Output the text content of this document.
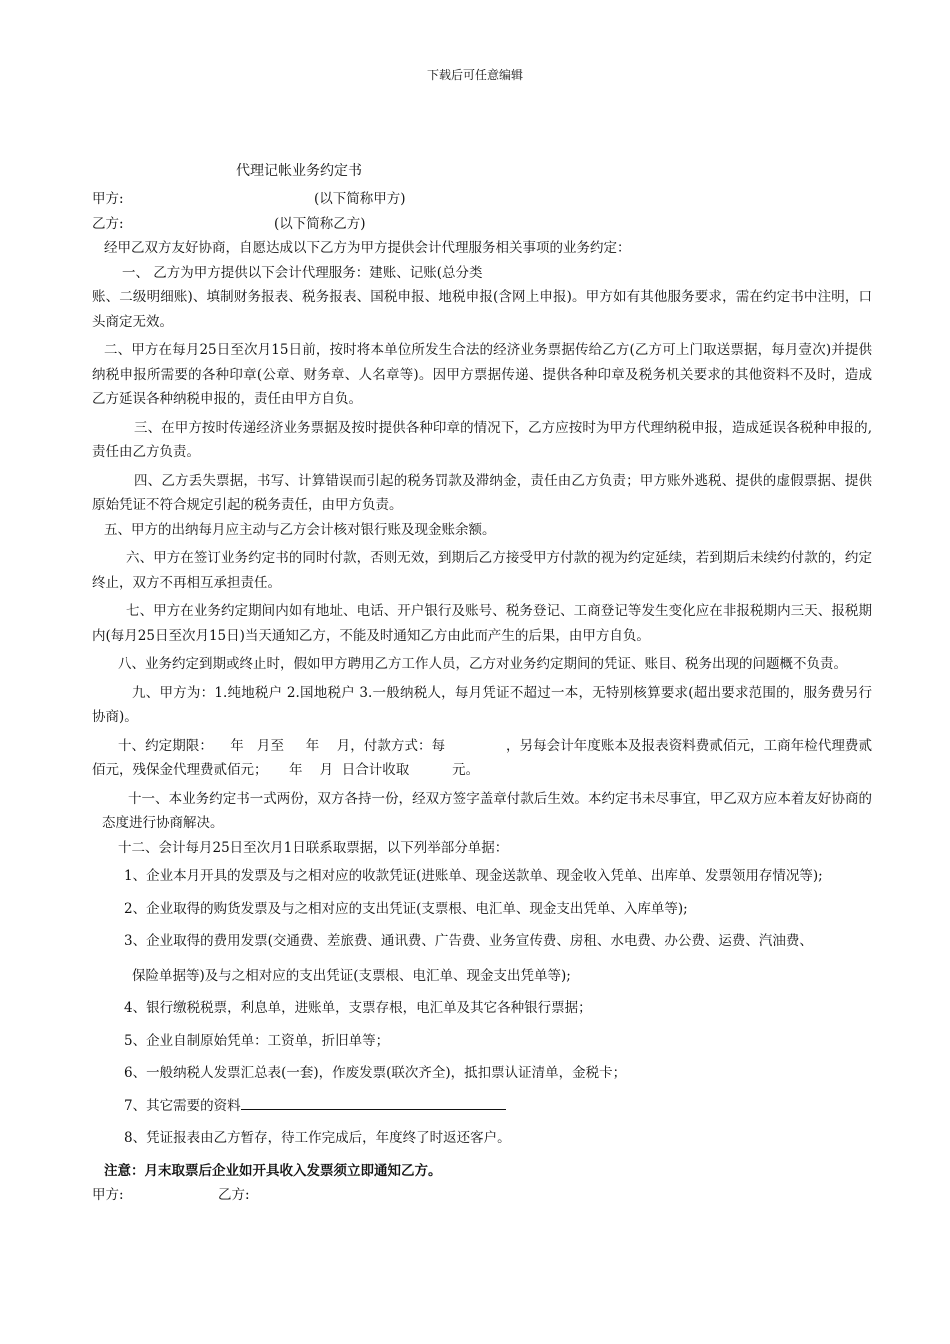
下载后可任意编辑
代理记帐业务约定书
甲方:	(以下简称甲方)
乙方:	(以下简称乙方)
经甲乙双方友好协商，自愿达成以下乙方为甲方提供会计代理服务相关事项的业务约定：
一、 乙方为甲方提供以下会计代理服务：建账、记账(总分类
账、二级明细账)、填制财务报表、税务报表、国税申报、地税申报(含网上申报)。甲方如有其他服务要求，需在约定书中注明，口头商定无效。
二、甲方在每月25日至次月15日前，按时将本单位所发生合法的经济业务票据传给乙方(乙方可上门取送票据，每月壹次)并提供纳税申报所需要的各种印章(公章、财务章、人名章等)。因甲方票据传递、提供各种印章及税务机关要求的其他资料不及时，造成乙方延误各种纳税申报的，责任由甲方自负。
三、在甲方按时传递经济业务票据及按时提供各种印章的情况下，乙方应按时为甲方代理纳税申报，造成延误各税种申报的, 责任由乙方负责。
四、乙方丢失票据，书写、计算错误而引起的税务罚款及滞纳金，责任由乙方负责；甲方账外逃税、提供的虚假票据、提供原始凭证不符合规定引起的税务责任，由甲方负责。
五、甲方的出纳每月应主动与乙方会计核对银行账及现金账余额。
六、甲方在签订业务约定书的同时付款，否则无效，到期后乙方接受甲方付款的视为约定延续，若到期后未续约付款的，约定终止，双方不再相互承担责任。
七、甲方在业务约定期间内如有地址、电话、开户银行及账号、税务登记、工商登记等发生变化应在非报税期内三天、报税期内(每月25日至次月15日)当天通知乙方，不能及时通知乙方由此而产生的后果，由甲方自负。
八、业务约定到期或终止时，假如甲方聘用乙方工作人员，乙方对业务约定期间的凭证、账目、税务出现的问题概不负责。
九、甲方为：1.纯地税户 2.国地税户 3.一般纳税人，每月凭证不超过一本，无特别核算要求(超出要求范围的，服务费另行协商)。
十、约定期限：    年   月至     年    月，付款方式：每              ，另每会计年度账本及报表资料费贰佰元，工商年检代理费贰佰元，残保金代理费贰佰元；     年    月  日合计收取          元。
十一、本业务约定书一式两份，双方各持一份，经双方签字盖章付款后生效。本约定书未尽事宜，甲乙双方应本着友好协商的态度进行协商解决。
十二、会计每月25日至次月1日联系取票据，以下列举部分单据：
1、企业本月开具的发票及与之相对应的收款凭证(进账单、现金送款单、现金收入凭单、出库单、发票领用存情况等);
2、企业取得的购货发票及与之相对应的支出凭证(支票根、电汇单、现金支出凭单、入库单等);
3、企业取得的费用发票(交通费、差旅费、通讯费、广告费、业务宣传费、房租、水电费、办公费、运费、汽油费、
保险单据等)及与之相对应的支出凭证(支票根、电汇单、现金支出凭单等);
4、银行缴税税票，利息单，进账单，支票存根，电汇单及其它各种银行票据；
5、企业自制原始凭单：工资单，折旧单等；
6、一般纳税人发票汇总表(一套)，作废发票(联次齐全)，抵扣票认证清单，金税卡；
7、其它需要的资料
8、凭证报表由乙方暂存，待工作完成后，年度终了时返还客户。
注意：月末取票后企业如开具收入发票须立即通知乙方。
甲方:	乙方:
